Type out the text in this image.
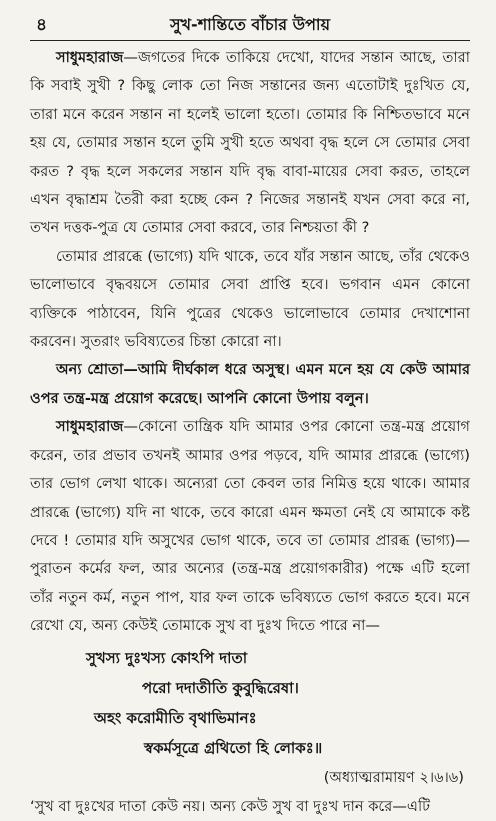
৪	সুখ-শান্তিতে বাঁচার উপায়

সাধুমহারাজ—জগতের দিকে তাকিয়ে দেখো, যাদের সন্তান আছে, তারা কি সবাই সুখী ? কিছু লোক তো নিজ সন্তানের জন্য এতোটাই দুঃখিত যে, তারা মনে করেন সন্তান না হলেই ভালো হতো। তোমার কি নিশ্চিতভাবে মনে হয় যে, তোমার সন্তান হলে তুমি সুখী হতে অথবা বৃদ্ধ হলে সে তোমার সেবা করত ? বৃদ্ধ হলে সকলের সন্তান যদি বৃদ্ধ বাবা-মায়ের সেবা করত, তাহলে এখন বৃদ্ধাশ্রম তৈরী করা হচ্ছে কেন ? নিজের সন্তানই যখন সেবা করে না, তখন দত্তক-পুত্র যে তোমার সেবা করবে, তার নিশ্চয়তা কী ?

তোমার প্রারব্ধে (ভাগ্যে) যদি থাকে, তবে যাঁর সন্তান আছে, তাঁর থেকেও ভালোভাবে বৃদ্ধবয়সে তোমার সেবা প্রাপ্তি হবে। ভগবান এমন কোনো ব্যক্তিকে পাঠাবেন, যিনি পুত্রের থেকেও ভালোভাবে তোমার দেখাশোনা করবেন। সুতরাং ভবিষ্যতের চিন্তা কোরো না।

অন্য শ্রোতা—আমি দীর্ঘকাল ধরে অসুস্থ। এমন মনে হয় যে কেউ আমার ওপর তন্ত্র-মন্ত্র প্রয়োগ করেছে। আপনি কোনো উপায় বলুন।

সাধুমহারাজ—কোনো তান্ত্রিক যদি আমার ওপর কোনো তন্ত্র-মন্ত্র প্রয়োগ করেন, তার প্রভাব তখনই আমার ওপর পড়বে, যদি আমার প্রারব্ধে (ভাগ্যে) তার ভোগ লেখা থাকে। অন্যেরা তো কেবল তার নিমিত্ত হয়ে থাকে। আমার প্রারব্ধে (ভাগ্যে) যদি না থাকে, তবে কারো এমন ক্ষমতা নেই যে আমাকে কষ্ট দেবে ! তোমার যদি অসুখের ভোগ থাকে, তবে তা তোমার প্রারব্ধ (ভাগ্য)—পুরাতন কর্মের ফল, আর অন্যের (তন্ত্র-মন্ত্র প্রয়োগকারীর) পক্ষে এটি হলো তাঁর নতুন কর্ম, নতুন পাপ, যার ফল তাকে ভবিষ্যতে ভোগ করতে হবে। মনে রেখো যে, অন্য কেউই তোমাকে সুখ বা দুঃখ দিতে পারে না—

সুখস্য দুঃখস্য কোঽপি দাতা
পরো দদাতীতি কুবুদ্ধিরেষা।
অহং করোমীতি বৃথাভিমানঃ
স্বকর্মসূত্রে গ্রথিতো হি লোকঃ॥
(অধ্যাত্মরামায়ণ ২।৬।৬)
‘সুখ বা দুঃখের দাতা কেউ নয়। অন্য কেউ সুখ বা দুঃখ দান করে—এটি
